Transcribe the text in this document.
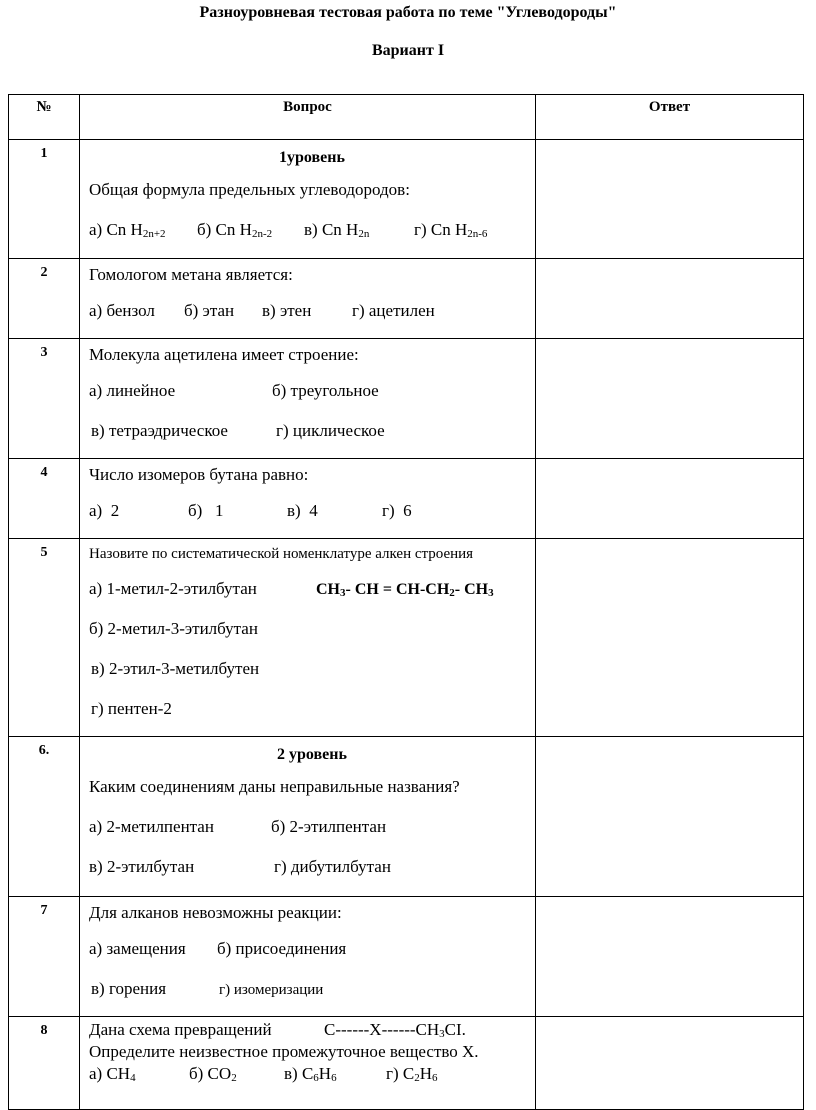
Разноуровневая тестовая работа по теме "Углеводороды"
Вариант I
№	Вопрос	Ответ
1	1уровень
Общая формула предельных углеводородов:
а) Cn $H_{2n+2}$ б) Cn $H_{2n-2}$ в) Cn $H_{2n}$ г) Cn $H_{2n-6}$

2	Гомологом метана является:
а) бензол б) этан в) этен г) ацетилен	

3	Молекула ацетилена имеет строение:
а) линейное б) треугольное
в) тетраэдрическое г) циклическое	

4	Число изомеров бутана равно:
а)  2 б)   1 в)  4 г)  6	

5	Назовите по систематической номенклатуре алкен строения
а) 1-метил-2-этилбутан $CH_3-$ CH = $CH-CH_2-$ $CH_3$
б) 2-метил-3-этилбутан
в) 2-этил-3-метилбутен
г) пентен-2	

6.	2 уровень
Каким соединениям даны неправильные названия?
а) 2-метилпентан б) 2-этилпентан
в) 2-этилбутан г) дибутилбутан	

7	Для алканов невозможны реакции:
а) замещения б) присоединения
в) горения г) изомеризации	

8	Дана схема превращений $C------X------CH_3CI$.
Определите неизвестное промежуточное вещество Х.
а) $CH_4$ б) $CO_2$ в) $C_6H_6$ г) $C_2H_6$
